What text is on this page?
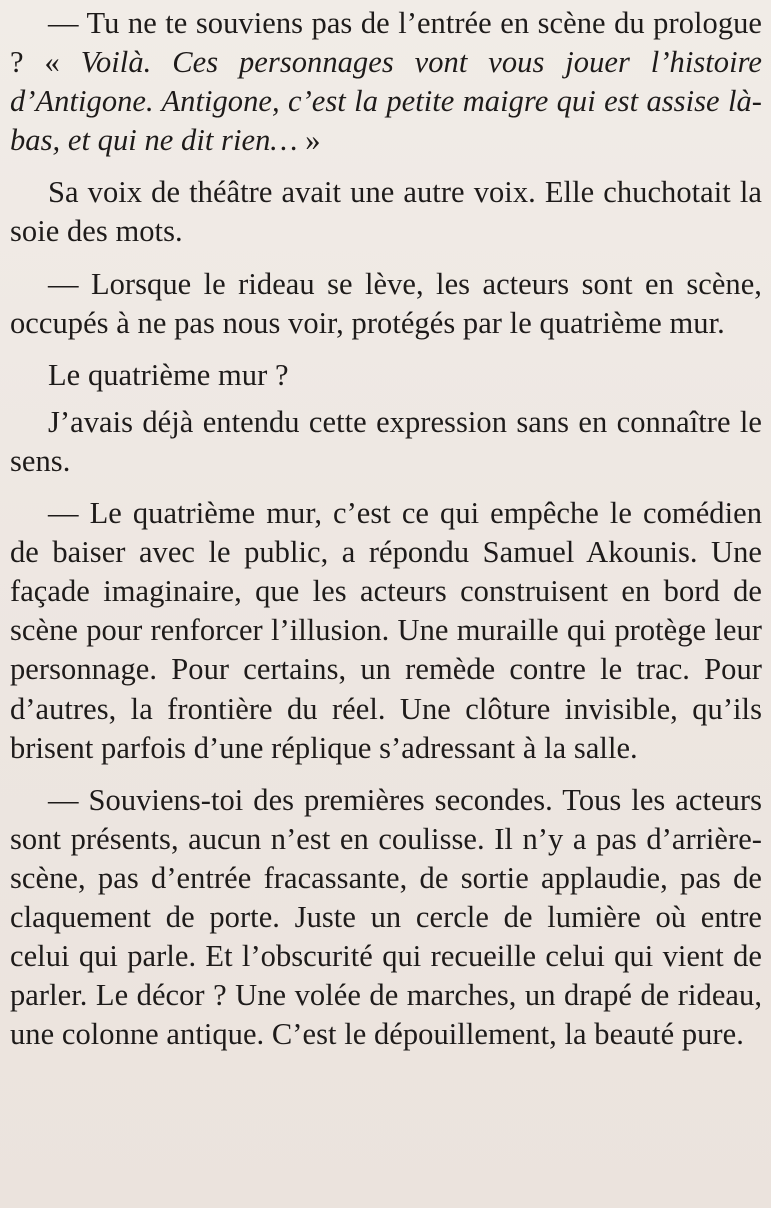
— Tu ne te souviens pas de l’entrée en scène du prologue ? « Voilà. Ces personnages vont vous jouer l’histoire d’Antigone. Antigone, c’est la petite maigre qui est assise là-bas, et qui ne dit rien… »

Sa voix de théâtre avait une autre voix. Elle chuchotait la soie des mots.

— Lorsque le rideau se lève, les acteurs sont en scène, occupés à ne pas nous voir, protégés par le quatrième mur.

Le quatrième mur ?

J’avais déjà entendu cette expression sans en connaître le sens.

— Le quatrième mur, c’est ce qui empêche le comédien de baiser avec le public, a répondu Samuel Akounis. Une façade imaginaire, que les acteurs construisent en bord de scène pour renforcer l’illusion. Une muraille qui protège leur personnage. Pour certains, un remède contre le trac. Pour d’autres, la frontière du réel. Une clôture invisible, qu’ils brisent parfois d’une réplique s’adressant à la salle.

— Souviens-toi des premières secondes. Tous les acteurs sont présents, aucun n’est en coulisse. Il n’y a pas d’arrière-scène, pas d’entrée fracassante, de sortie applaudie, pas de claquement de porte. Juste un cercle de lumière où entre celui qui parle. Et l’obscurité qui recueille celui qui vient de parler. Le décor ? Une volée de marches, un drapé de rideau, une colonne antique. C’est le dépouillement, la beauté pure.
